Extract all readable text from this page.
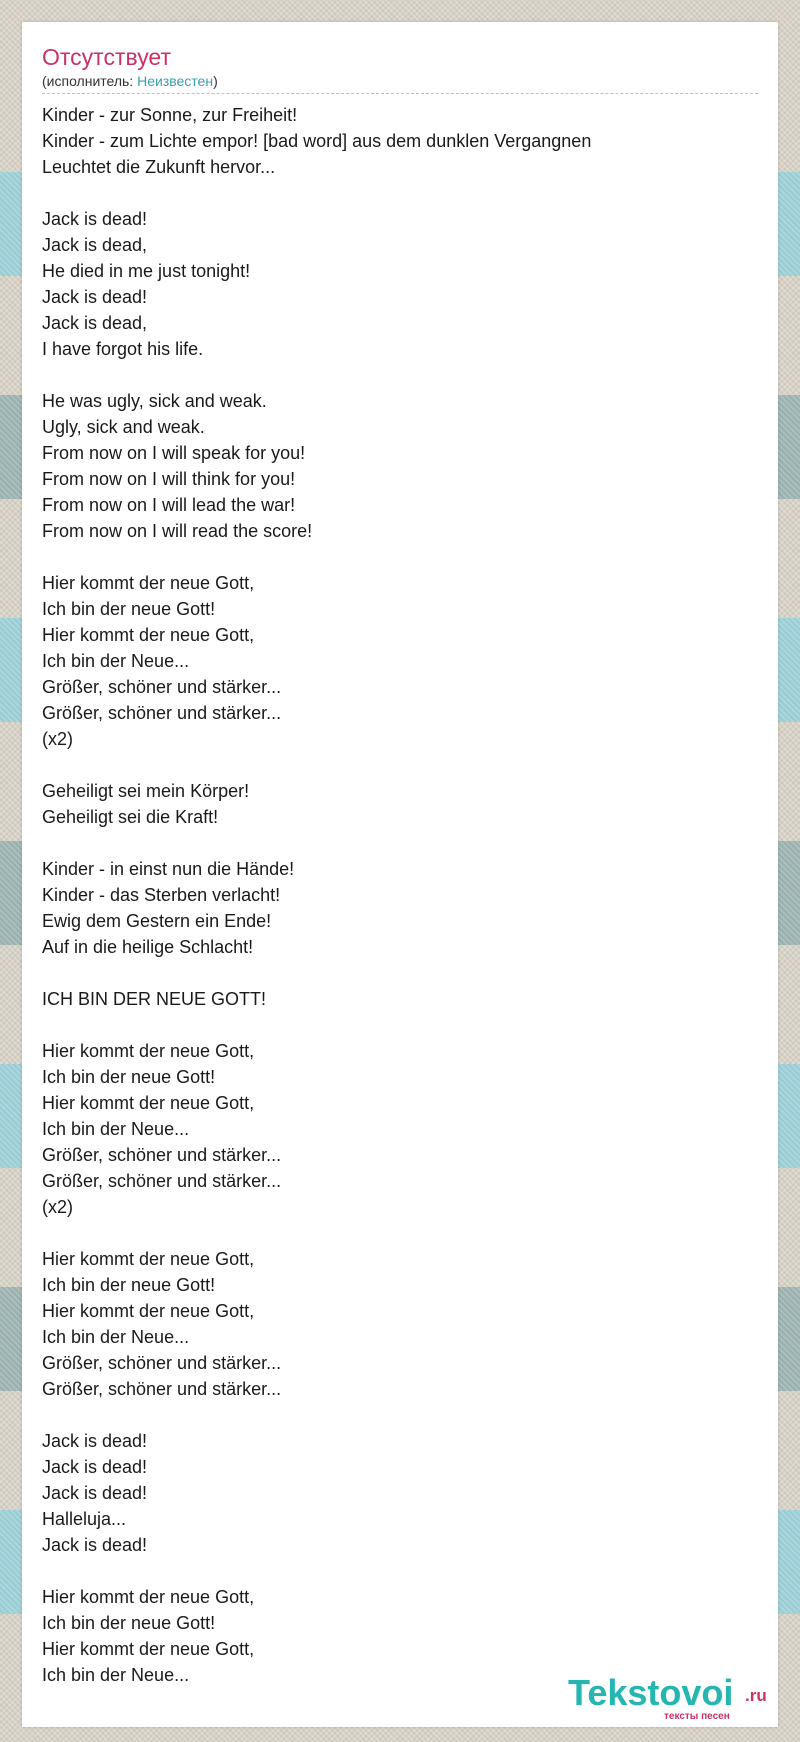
Отсутствует
(исполнитель: Неизвестен)
Kinder - zur Sonne, zur Freiheit!
Kinder - zum Lichte empor! [bad word] aus dem dunklen Vergangnen
Leuchtet die Zukunft hervor...

Jack is dead!
Jack is dead,
He died in me just tonight!
Jack is dead!
Jack is dead,
I have forgot his life.

He was ugly, sick and weak.
Ugly, sick and weak.
From now on I will speak for you!
From now on I will think for you!
From now on I will lead the war!
From now on I will read the score!

Hier kommt der neue Gott,
Ich bin der neue Gott!
Hier kommt der neue Gott,
Ich bin der Neue...
Größer, schöner und stärker...
Größer, schöner und stärker...
(x2)

Geheiligt sei mein Körper!
Geheiligt sei die Kraft!

Kinder - in einst nun die Hände!
Kinder - das Sterben verlacht!
Ewig dem Gestern ein Ende!
Auf in die heilige Schlacht!

ICH BIN DER NEUE GOTT!

Hier kommt der neue Gott,
Ich bin der neue Gott!
Hier kommt der neue Gott,
Ich bin der Neue...
Größer, schöner und stärker...
Größer, schöner und stärker...
(x2)

Hier kommt der neue Gott,
Ich bin der neue Gott!
Hier kommt der neue Gott,
Ich bin der Neue...
Größer, schöner und stärker...
Größer, schöner und stärker...

Jack is dead!
Jack is dead!
Jack is dead!
Halleluja...
Jack is dead!

Hier kommt der neue Gott,
Ich bin der neue Gott!
Hier kommt der neue Gott,
Ich bin der Neue...	Tekstovoi .ru
тексты песен
